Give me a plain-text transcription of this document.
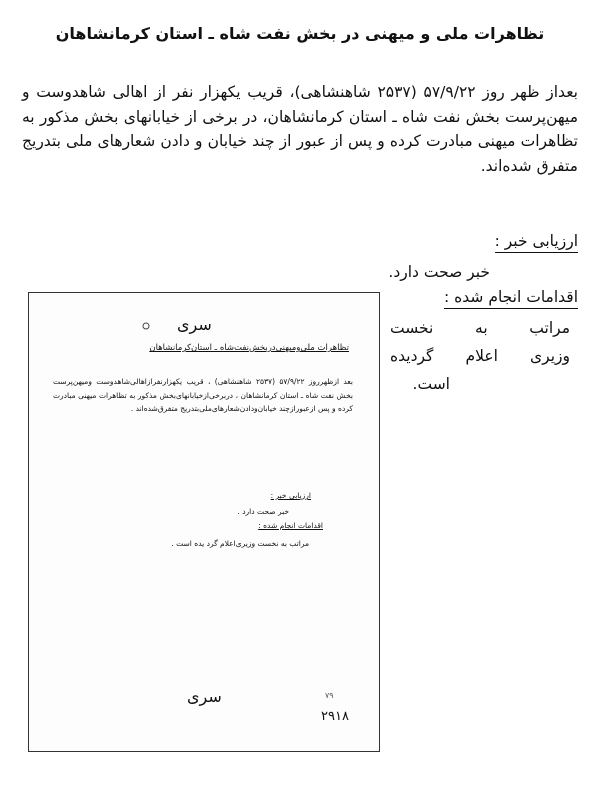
تظاهرات ملی و میهنی در بخش نفت شاه ـ استان کرمانشاهان
بعداز ظهر روز ۵۷/۹/۲۲ (۲۵۳۷ شاهنشاهی)، قریب یکهزار نفر از اهالی شاهدوست و میهن‌پرست بخش نفت شاه ـ استان کرمانشاهان، در برخی از خیابانهای بخش مذکور به تظاهرات میهنی مبادرت کرده و پس از عبور از چند خیابان و دادن شعارهای ملی بتدریج متفرق شده‌اند.
ارزیابی خبر :
خبر صحت دارد.
اقدامات انجام شده :
مراتب به نخست
وزیری اعلام گردیده
است.
سری
تظاهرات ملی‌ومیهنی‌در‌بخش‌نفت‌شاه ـ استان‌کرمانشاهان
بعد از‌ظهرروز ۵۷/۹/۲۲ (۲۵۳۷ شاهنشاهی) ، قریب یکهزارنفراز‌اهالی‌شاهدوست ومیهن‌پرست بخش نفت شاه ـ استان کرمانشاهان ، در‌برخی‌ازخیابانهای‌بخش مذکور به تظاهرات میهنی مبادرت کرده و پس ازعبورازچند خیابان‌و‌دادن‌شعارهای‌ملی‌بتدریج متفرق‌شده‌اند .
ارزیابی خبر :
خبر صحت دارد .
اقدامات انجام شده :
مراتب به نخست وزیری‌اعلام گرد یده است .
سری	۷۹
۲۹۱۸
